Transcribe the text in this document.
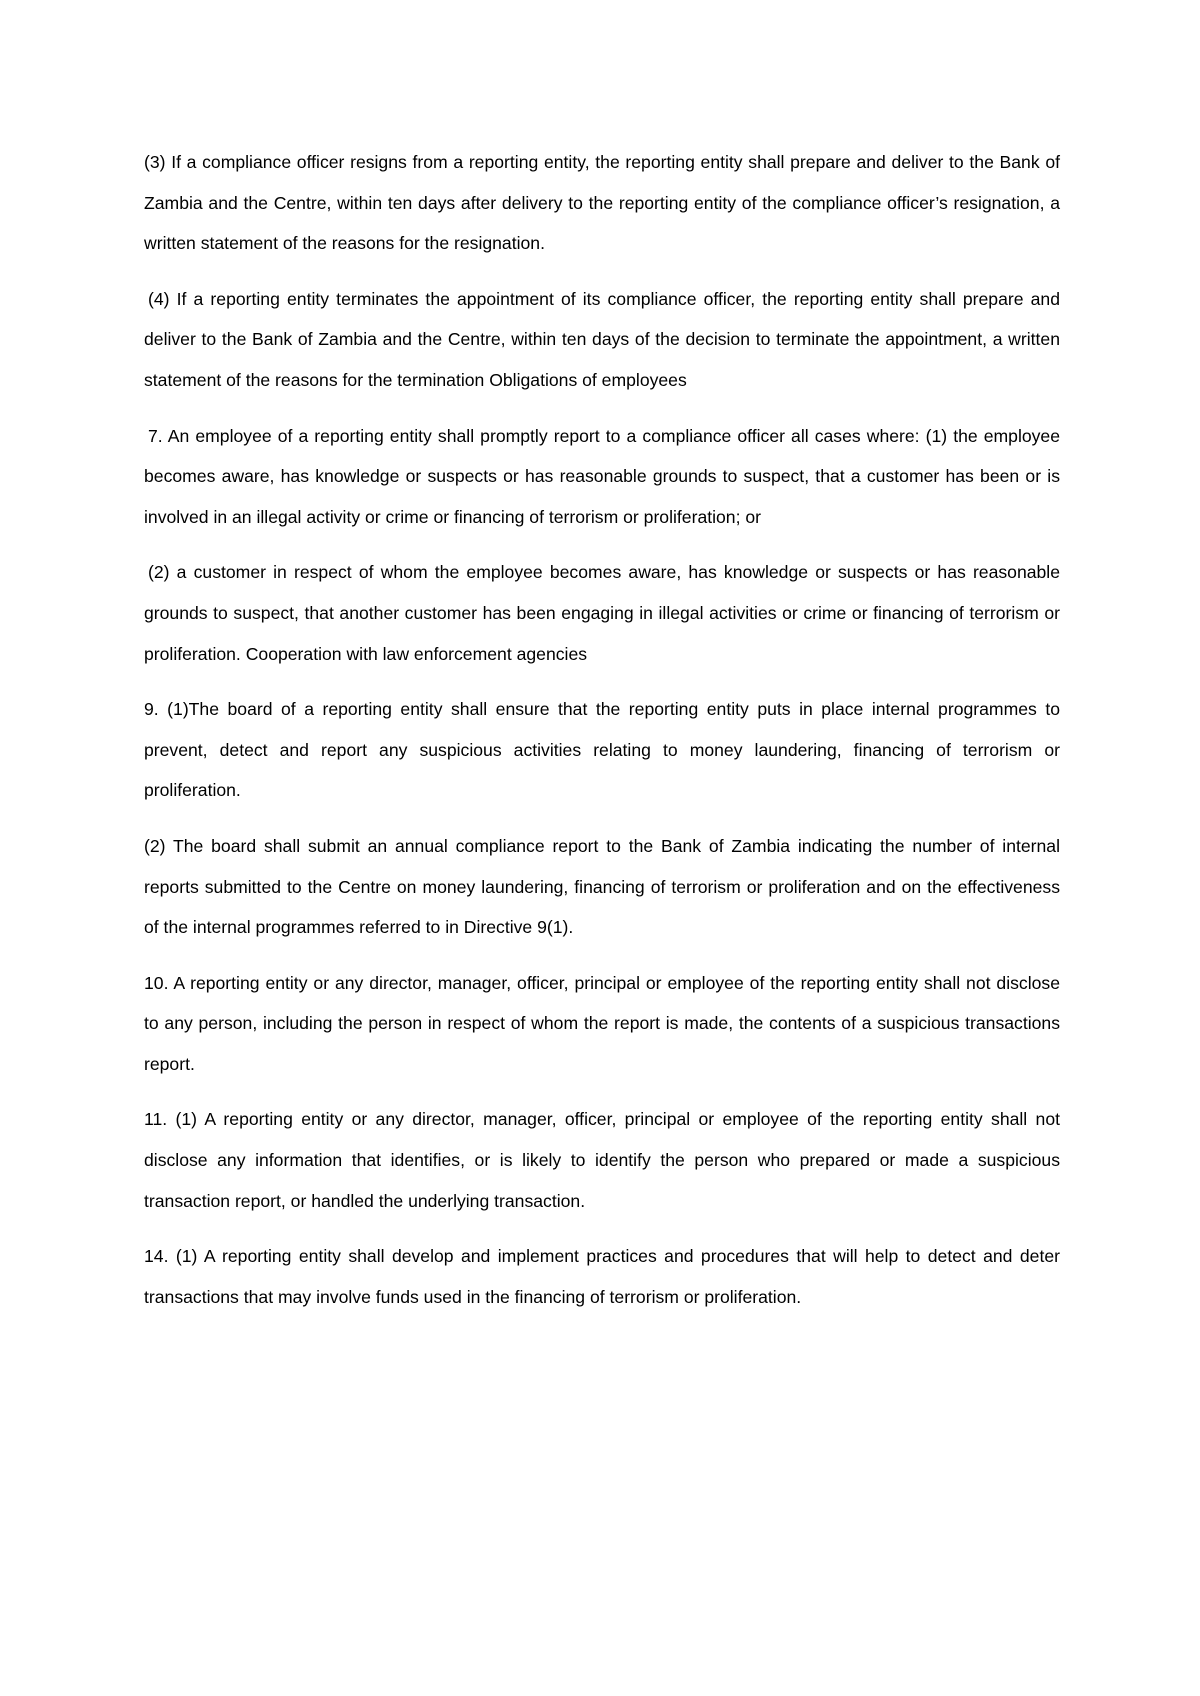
(3) If a compliance officer resigns from a reporting entity, the reporting entity shall prepare and deliver to the Bank of Zambia and the Centre, within ten days after delivery to the reporting entity of the compliance officer’s resignation, a written statement of the reasons for the resignation.

(4) If a reporting entity terminates the appointment of its compliance officer, the reporting entity shall prepare and deliver to the Bank of Zambia and the Centre, within ten days of the decision to terminate the appointment, a written statement of the reasons for the termination Obligations of employees

7. An employee of a reporting entity shall promptly report to a compliance officer all cases where: (1) the employee becomes aware, has knowledge or suspects or has reasonable grounds to suspect, that a customer has been or is involved in an illegal activity or crime or financing of terrorism or proliferation; or

(2) a customer in respect of whom the employee becomes aware, has knowledge or suspects or has reasonable grounds to suspect, that another customer has been engaging in illegal activities or crime or financing of terrorism or proliferation. Cooperation with law enforcement agencies

9. (1)The board of a reporting entity shall ensure that the reporting entity puts in place internal programmes to prevent, detect and report any suspicious activities relating to money laundering, financing of terrorism or proliferation.

(2) The board shall submit an annual compliance report to the Bank of Zambia indicating the number of internal reports submitted to the Centre on money laundering, financing of terrorism or proliferation and on the effectiveness of the internal programmes referred to in Directive 9(1).

10. A reporting entity or any director, manager, officer, principal or employee of the reporting entity shall not disclose to any person, including the person in respect of whom the report is made, the contents of a suspicious transactions report.

11. (1) A reporting entity or any director, manager, officer, principal or employee of the reporting entity shall not disclose any information that identifies, or is likely to identify the person who prepared or made a suspicious transaction report, or handled the underlying transaction.

14. (1) A reporting entity shall develop and implement practices and procedures that will help to detect and deter transactions that may involve funds used in the financing of terrorism or proliferation.
